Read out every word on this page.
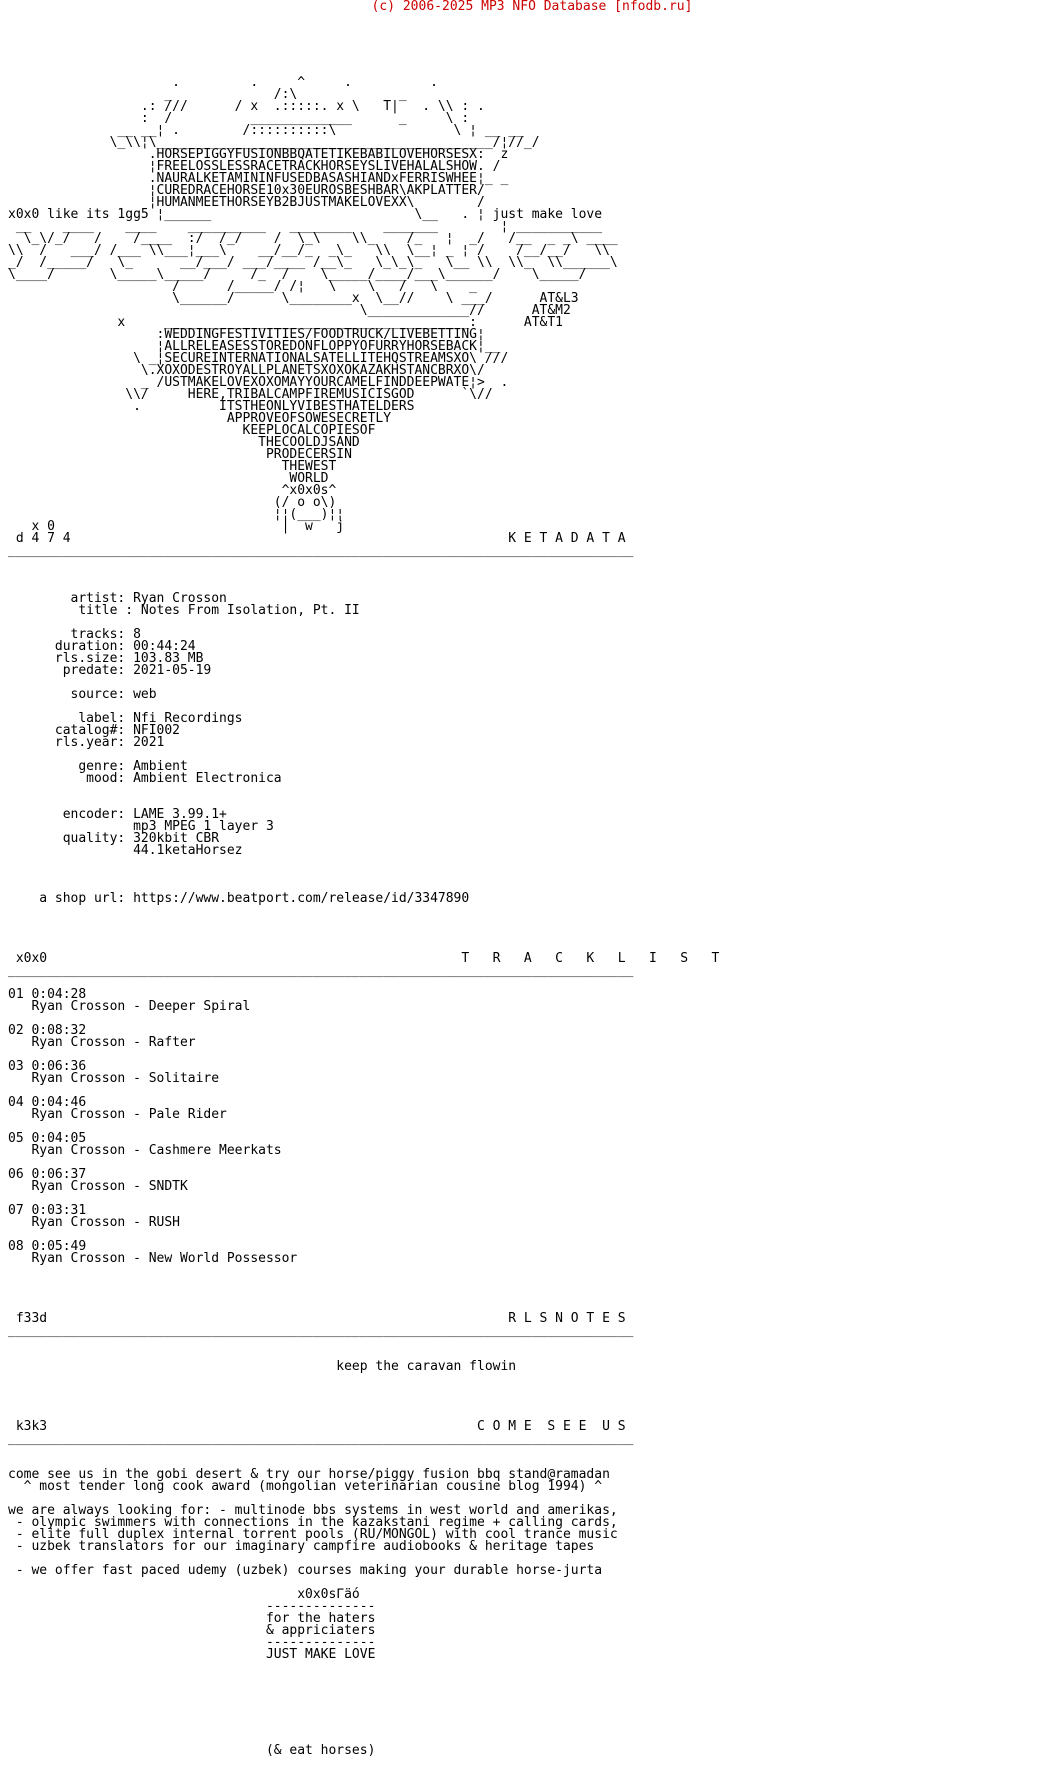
(c) 2006-2025 MP3 NFO Database [nfodb.ru]
.         .     ^     .          .
_             /:\             _
.: ///      / x  .:::::. x \   T|   . \\ : .
:  /          _____________      _     \ :
__ __¦ .        /::::::::::\               \ ¦ __ __
\_\\¦\___________________________________________/¦//_/
.HORSEPIGGYFUSIONBBQATETIKEBABILOVEHORSESX:  z
¦FREELOSSLESSRACETRACKHORSEYSLIVEHALALSHOW. /
.NAURALKETAMININFUSEDBASASHIANDxFERRISWHEE¦_ _
¦CUREDRACEHORSE10x30EUROSBESHBAR\AKPLATTER/
¦HUMANMEETHORSEYB2BJUSTMAKELOVEXX\        /
x0x0 like its 1gg5 ¦______                          \__   . ¦ just make love
__    ____    ____    __________   ________    _______        ¦ ___________
\_\/_/   /    /____  :/  /_/    /  \_\    \\_    /_   ¦  _/   /__  _ _\ ____
\\  /   ___/ /___ \\___¦___\    __/__/_  _\_   \\  \__¦ _ ¦ /    /__/__/   \\
_/  /_____/   \_      __/___/ ___/____ /__\_   \_\_\_   \__ \\  \\_  \\______\
\____/       \_____\_____/     /_  /    \_____/____/___\______/    \_____/
/      /_____/ /¦   \    \   /   \    _
\______/      \________x  \__//    \ ___/      AT&L3
\_____________//      AT&M2
x     _______________________________________:      AT&T1
:WEDDINGFESTIVITIES/FOODTRUCK/LIVEBETTING¦
¦ALLRELEASESSTOREDONFLOPPYOFURRYHORSEBACK¦__
\ _¦SECUREINTERNATIONALSATELLITEHQSTREAMSXO\ ///
\.XOXODESTROYALLPLANETSXOXOKAZAKHSTANCBRXO\/
_ /USTMAKELOVEXOXOMAYYOURCAMELFINDDEEPWATE¦>  .
\\/     HERE,TRIBALCAMPFIREMUSICISGOD      `\//
.          ITSTHEONLYVIBESTHATELDERS
APPROVEOFSOWESECRETLY
KEEPLOCALCOPIESOF
THECOOLDJSAND
PRODECERSIN
THEWEST
WORLD
^x0x0s^
(/ o o\)
¦¦(___)¦¦
x 0                             |  w   j
d 4 7 4                                                        K E T A D A T A
________________________________________________________________________________
artist: Ryan Crosson
title : Notes From Isolation, Pt. II
tracks: 8
duration: 00:44:24
rls.size: 103.83 MB
predate: 2021-05-19
source: web
label: Nfi Recordings
catalog#: NFI002
rls.year: 2021
genre: Ambient
mood: Ambient Electronica
encoder: LAME 3.99.1+
mp3 MPEG 1 layer 3
quality: 320kbit CBR
44.1ketaHorsez
a shop url: https://www.beatport.com/release/id/3347890
x0x0                                                     T   R   A   C   K   L   I   S   T
________________________________________________________________________________
01 0:04:28
Ryan Crosson - Deeper Spiral
02 0:08:32
Ryan Crosson - Rafter
03 0:06:36
Ryan Crosson - Solitaire
04 0:04:46
Ryan Crosson - Pale Rider
05 0:04:05
Ryan Crosson - Cashmere Meerkats
06 0:06:37
Ryan Crosson - SNDTK
07 0:03:31
Ryan Crosson - RUSH
08 0:05:49
Ryan Crosson - New World Possessor
f33d                                                           R L S N O T E S
________________________________________________________________________________
keep the caravan flowin
k3k3                                                       C O M E  S E E  U S
________________________________________________________________________________
come see us in the gobi desert & try our horse/piggy fusion bbq stand@ramadan
^ most tender long cook award (mongolian veterinarian cousine blog 1994) ^
we are always looking for: - multinode bbs systems in west world and amerikas,
- olympic swimmers with connections in the kazakstani regime + calling cards,
- elite full duplex internal torrent pools (RU/MONGOL) with cool trance music
- uzbek translators for our imaginary campfire audiobooks & heritage tapes
- we offer fast paced udemy (uzbek) courses making your durable horse-jurta
x0x0sΓäó
--------------
for the haters
& appriciaters
--------------
JUST MAKE LOVE
(& eat horses)
